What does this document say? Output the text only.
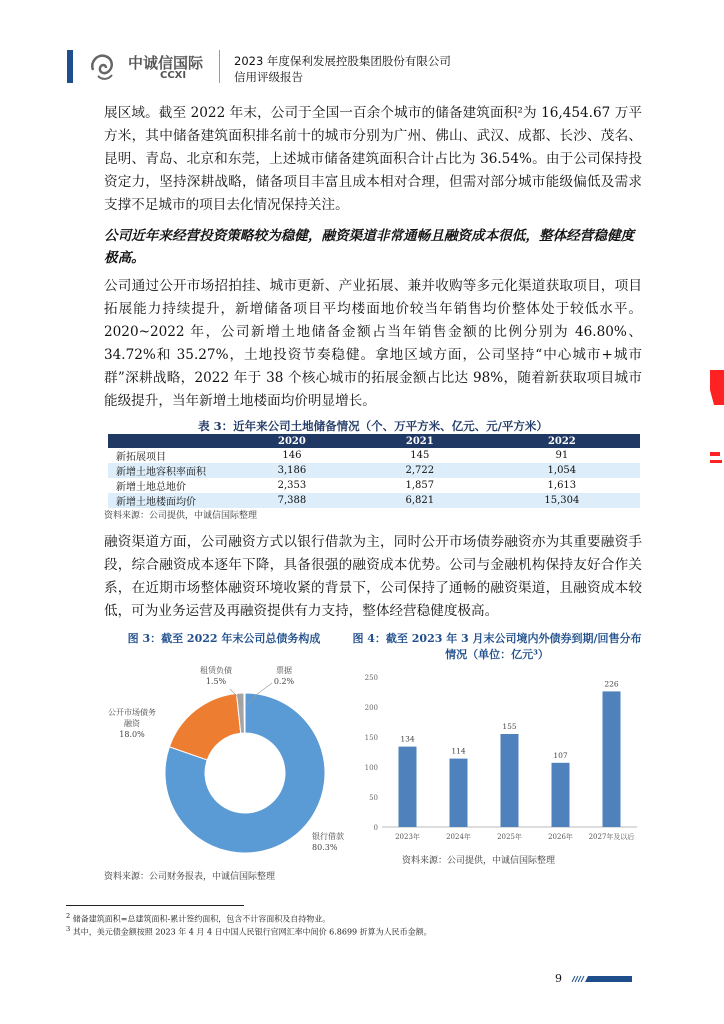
中诚信国际
CCXI
2023 年度保利发展控股集团股份有限公司
信用评级报告
展区域。截至 2022 年末，公司于全国一百余个城市的储备建筑面积²为 16,454.67 万平方米，其中储备建筑面积排名前十的城市分别为广州、佛山、武汉、成都、长沙、茂名、昆明、青岛、北京和东莞，上述城市储备建筑面积合计占比为 36.54%。由于公司保持投资定力，坚持深耕战略，储备项目丰富且成本相对合理，但需对部分城市能级偏低及需求支撑不足城市的项目去化情况保持关注。
公司近年来经营投资策略较为稳健，融资渠道非常通畅且融资成本很低，整体经营稳健度极高。
公司通过公开市场招拍挂、城市更新、产业拓展、兼并收购等多元化渠道获取项目，项目拓展能力持续提升，新增储备项目平均楼面地价较当年销售均价整体处于较低水平。2020~2022 年，公司新增土地储备金额占当年销售金额的比例分别为 46.80%、34.72%和 35.27%，土地投资节奏稳健。拿地区域方面，公司坚持“中心城市+城市群”深耕战略，2022 年于 38 个核心城市的拓展金额占比达 98%，随着新获取项目城市能级提升，当年新增土地楼面均价明显增长。
表 3：近年来公司土地储备情况（个、万平方米、亿元、元/平方米）
	2020	2021	2022
新拓展项目	146	145	91
新增土地容积率面积	3,186	2,722	1,054
新增土地总地价	2,353	1,857	1,613
新增土地楼面均价	7,388	6,821	15,304
资料来源：公司提供，中诚信国际整理
融资渠道方面，公司融资方式以银行借款为主，同时公开市场债券融资亦为其重要融资手段，综合融资成本逐年下降，具备很强的融资成本优势。公司与金融机构保持友好合作关系，在近期市场整体融资环境收紧的背景下，公司保持了通畅的融资渠道，且融资成本较低，可为业务运营及再融资提供有力支持，整体经营稳健度极高。
图 3：截至 2022 年末公司总债务构成
银行借款
80.3%
公开市场债务
融资
18.0%
租赁负债
1.5%
票据
0.2%
资料来源：公司财务报表，中诚信国际整理
图 4：截至 2023 年 3 月末公司境内外债券到期/回售分布情况（单位：亿元³）
0
50
100
150
200
250
134
2023年
114
2024年
155
2025年
107
2026年
226
2027年及以后
资料来源：公司提供，中诚信国际整理
$^2$ 储备建筑面积=总建筑面积-累计签约面积，包含不计容面积及自持物业。
$^3$ 其中，美元债金额按照 2023 年 4 月 4 日中国人民银行官网汇率中间价 6.8699 折算为人民币金额。
9
